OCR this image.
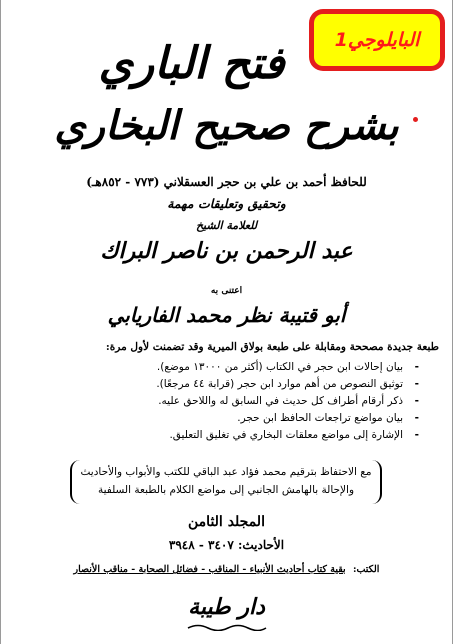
البايلوجي1
فتح الباري
بشرح صحيح البخاري
للحافظ أحمد بن علي بن حجر العسقلاني (٧٧٣ - ٨٥٢هـ)
وتحقيق وتعليقات مهمة
للعلامة الشيخ
عبد الرحمن بن ناصر البراك
اعتنى به
أبو قتيبة نظر محمد الفاريابي
طبعة جديدة مصححة ومقابلة على طبعة بولاق الميرية وقد تضمنت لأول مرة:
- بيان إحالات ابن حجر في الكتاب (أكثر من ١٣٠٠٠ موضع).
- توثيق النصوص من أهم موارد ابن حجر (قرابة ٤٤ مرجعًا).
- ذكر أرقام أطراف كل حديث في السابق له واللاحق عليه.
- بيان مواضع تراجعات الحافظ ابن حجر.
- الإشارة إلى مواضع معلقات البخاري في تغليق التعليق.
مع الاحتفاظ بترقيم محمد فؤاد عبد الباقي للكتب والأبواب والأحاديث
والإحالة بالهامش الجانبي إلى مواضع الكلام بالطبعة السلفية
المجلد الثامن
الأحاديث: ٣٤٠٧ - ٣٩٤٨
الكتب: بقية كتاب أحاديث الأنبياء - المناقب - فضائل الصحابة - مناقب الأنصار
دار طيبة
